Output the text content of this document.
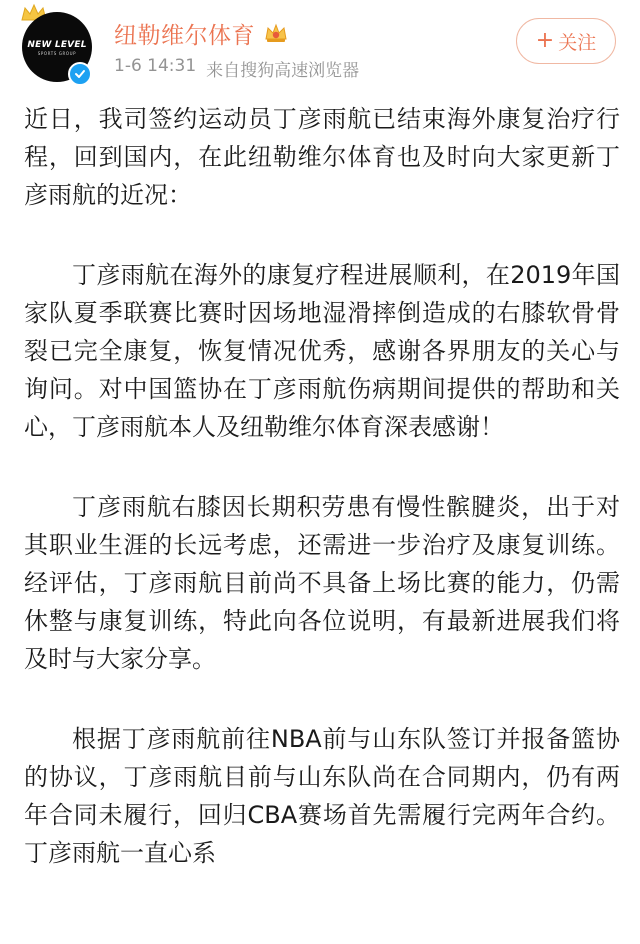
NEW LEVEL
SPORTS GROUP
纽勒维尔体育
1-6 14:31 来自搜狗高速浏览器
+ 关注

近日，我司签约运动员丁彦雨航已结束海外康复治疗行程，回到国内，在此纽勒维尔体育也及时向大家更新丁彦雨航的近况：

丁彦雨航在海外的康复疗程进展顺利，在2019年国家队夏季联赛比赛时因场地湿滑摔倒造成的右膝软骨骨裂已完全康复，恢复情况优秀，感谢各界朋友的关心与询问。对中国篮协在丁彦雨航伤病期间提供的帮助和关心，丁彦雨航本人及纽勒维尔体育深表感谢！

丁彦雨航右膝因长期积劳患有慢性髌腱炎，出于对其职业生涯的长远考虑，还需进一步治疗及康复训练。经评估，丁彦雨航目前尚不具备上场比赛的能力，仍需休整与康复训练，特此向各位说明，有最新进展我们将及时与大家分享。

根据丁彦雨航前往NBA前与山东队签订并报备篮协的协议，丁彦雨航目前与山东队尚在合同期内，仍有两年合同未履行，回归CBA赛场首先需履行完两年合约。丁彦雨航一直心系
